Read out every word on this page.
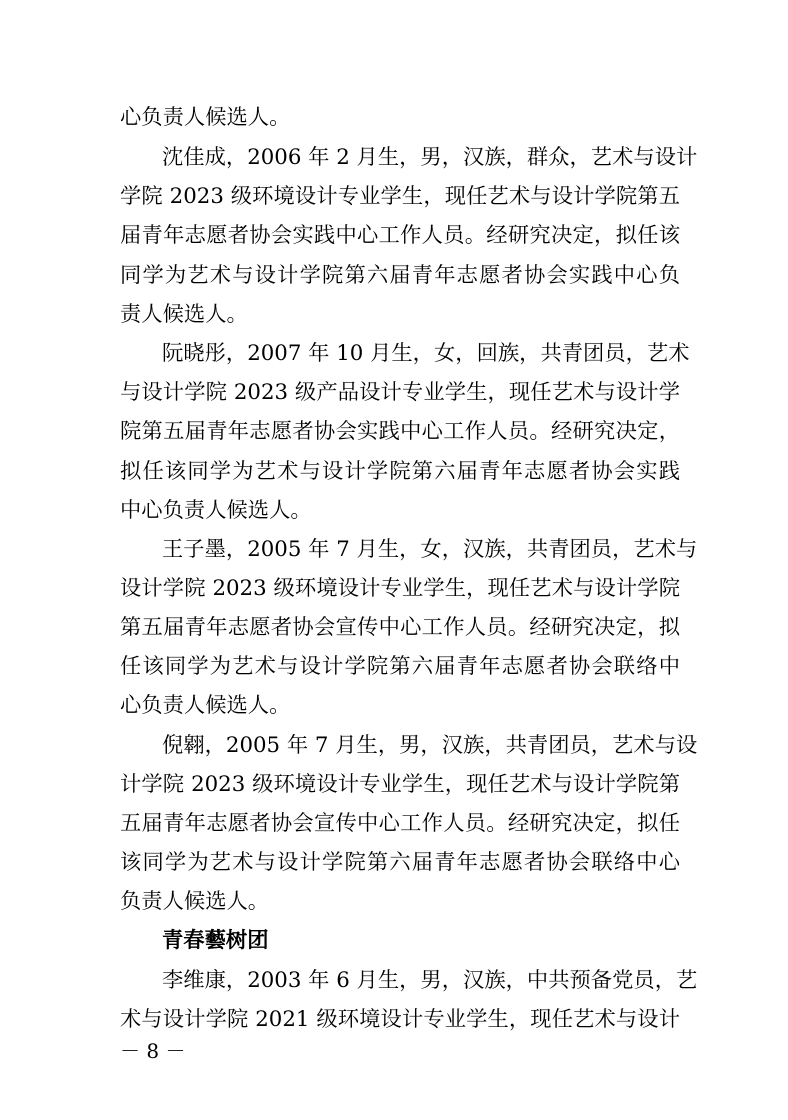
心负责人候选人。
沈佳成，2006 年 2 月生，男，汉族，群众，艺术与设计
学院 2023 级环境设计专业学生，现任艺术与设计学院第五
届青年志愿者协会实践中心工作人员。经研究决定，拟任该
同学为艺术与设计学院第六届青年志愿者协会实践中心负
责人候选人。
阮晓彤，2007 年 10 月生，女，回族，共青团员，艺术
与设计学院 2023 级产品设计专业学生，现任艺术与设计学
院第五届青年志愿者协会实践中心工作人员。经研究决定，
拟任该同学为艺术与设计学院第六届青年志愿者协会实践
中心负责人候选人。
王子墨，2005 年 7 月生，女，汉族，共青团员，艺术与
设计学院 2023 级环境设计专业学生，现任艺术与设计学院
第五届青年志愿者协会宣传中心工作人员。经研究决定，拟
任该同学为艺术与设计学院第六届青年志愿者协会联络中
心负责人候选人。
倪翱，2005 年 7 月生，男，汉族，共青团员，艺术与设
计学院 2023 级环境设计专业学生，现任艺术与设计学院第
五届青年志愿者协会宣传中心工作人员。经研究决定，拟任
该同学为艺术与设计学院第六届青年志愿者协会联络中心
负责人候选人。
青春藝树团
李维康，2003 年 6 月生，男，汉族，中共预备党员，艺
术与设计学院 2021 级环境设计专业学生，现任艺术与设计
－ 8 －
